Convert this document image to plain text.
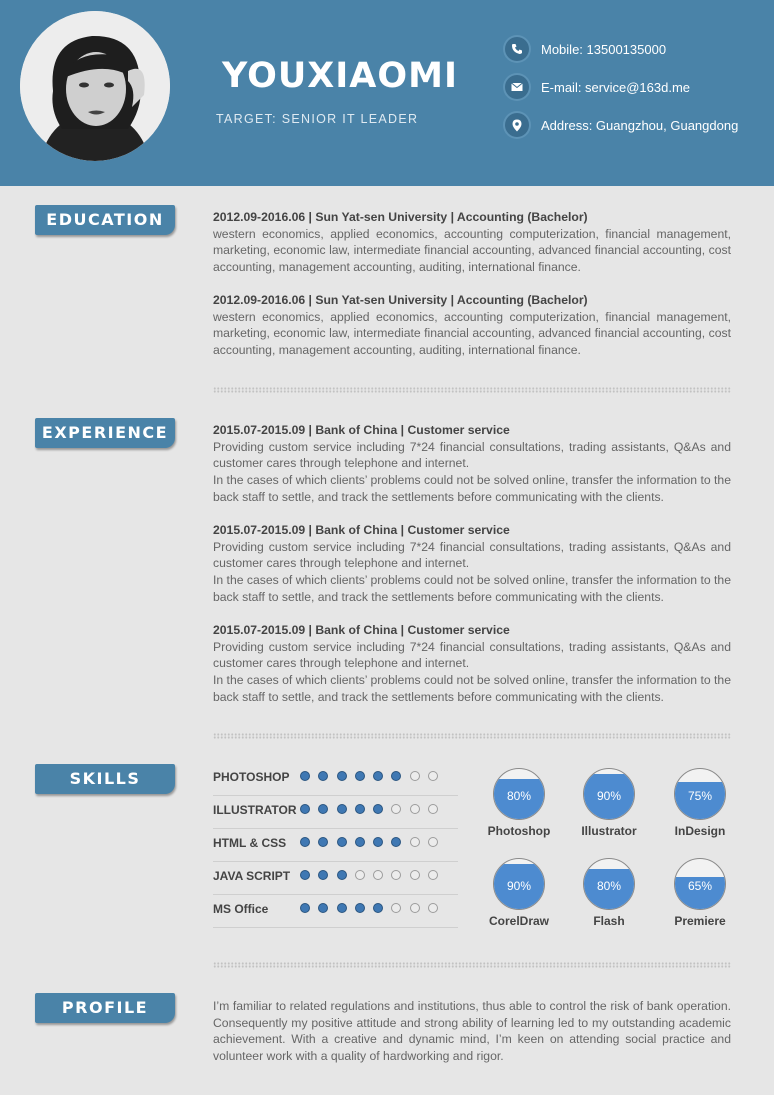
YOUXIAOMI
TARGET: SENIOR IT LEADER
Mobile: 13500135000
E-mail: service@163d.me
Address: Guangzhou, Guangdong
EDUCATION	2012.09-2016.06 | Sun Yat-sen University | Accounting (Bachelor)
western economics, applied economics, accounting computerization, financial management, marketing, economic law, intermediate financial accounting, advanced financial accounting, cost accounting, management accounting, auditing, international finance.
2012.09-2016.06 | Sun Yat-sen University | Accounting (Bachelor)
western economics, applied economics, accounting computerization, financial management, marketing, economic law, intermediate financial accounting, advanced financial accounting, cost accounting, management accounting, auditing, international finance.
EXPERIENCE	2015.07-2015.09 | Bank of China | Customer service
Providing custom service including 7*24 financial consultations, trading assistants, Q&As and customer cares through telephone and internet.
In the cases of which clients’ problems could not be solved online, transfer the information to the back staff to settle, and track the settlements before communicating with the clients.
2015.07-2015.09 | Bank of China | Customer service
Providing custom service including 7*24 financial consultations, trading assistants, Q&As and customer cares through telephone and internet.
In the cases of which clients’ problems could not be solved online, transfer the information to the back staff to settle, and track the settlements before communicating with the clients.
2015.07-2015.09 | Bank of China | Customer service
Providing custom service including 7*24 financial consultations, trading assistants, Q&As and customer cares through telephone and internet.
In the cases of which clients’ problems could not be solved online, transfer the information to the back staff to settle, and track the settlements before communicating with the clients.
SKILLS	PHOTOSHOP
ILLUSTRATOR
HTML & CSS
JAVA SCRIPT
MS Office
80%
Photoshop
90%
Illustrator
75%
InDesign
90%
CorelDraw
80%
Flash
65%
Premiere
PROFILE	I’m familiar to related regulations and institutions, thus able to control the risk of bank operation. Consequently my positive attitude and strong ability of learning led to my outstanding academic achievement. With a creative and dynamic mind, I’m keen on attending social practice and volunteer work with a quality of hardworking and rigor.
